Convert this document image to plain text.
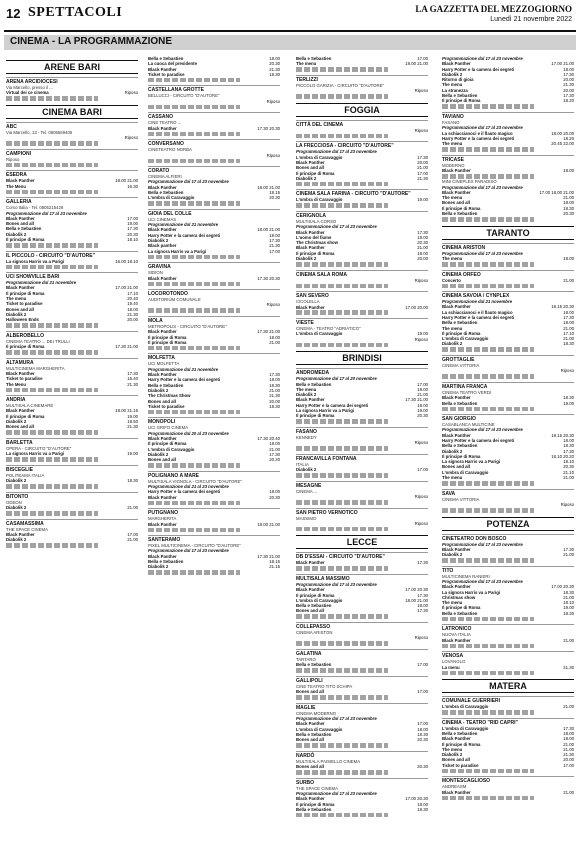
12 SPETTACOLI	LA GAZZETTA DEL MEZZOGIORNO
Lunedì 21 novembre 2022
CINEMA - LA PROGRAMMAZIONE
ARENE BARI
ARENA ARCIDIOCESI
Via Marcello, presso il ...
Virtual dei ce cinema	Riposo
CINEMA BARI
ABC
Via Marcello, 13 - Tel. 0805569405
Riposo
CAMPIONI
Riposo
ESEDRA
Black Panther	18.00 21.00
The Menu	16.30
GALLERIA
Corso Italia - Tel. 0805215429
Programmazione dal 17 al 23 novembre
Black Panther	17.00
Bones and all	19.00
Bella e Sebastien	17.30
Diabolik 2	20.30
Il principe di Roma	18.10
IL PICCOLO - CIRCUITO "D'AUTORE"
La signora Harris va a Parigi	16.00 18.10
UCI SHOWVILLE BARI
Programmazione dal 21 novembre
Black Panther	17.00 21.00
Il principe di Roma	17.10
The menu	20.40
Ticket to paradise	19.40
Bones and all	18.00
Diabolik 2	21.30
Halloween Ends	20.00
ALBEROBELLO
CINEMA TEATRO ... DEI TRULLI
Il principe di Roma	17.30 21.00
ALTAMURA
MULTICINEMA MARGHERITA
Black Panther	17.30
Ticket to paradise	16.40
The Menu	21.30
ANDRIA
MULTISALA CINEMARE
Black Panther	18.00 21.15
Il principe di Roma	19.00
Diabolik 2	18.50
Bones and all	21.30
BARLETTA
OPERA - CIRCUITO "D'AUTORE"
La signora Harris va a Parigi	19.00
BISCEGLIE
POLITEAMA ITALIA
Diabolik 2	18.30
BITONTO
ODEON
Diabolik 2	21.00
CASAMASSIMA
THE SPACE CINEMA
Black Panther	17.00
Diabolik 2	21.00
Bella e Sebastien	18.00
La cuoca del presidente	20.30
Black Panther	21.30
Ticket to paradise	18.30
CASTELLANA GROTTE
BELLUCCI - CIRCUITO "D'AUTORE"
Riposo
CASSANO
CINE TEATRO ...
Black Panther	17.30 20.30
CONVERSANO
CINETEATRO NORBA
Riposo
CORATO
CINEMA ALFIERI
Programmazione dal 17 al 23 novembre
Black Panther	18.00 21.00
Bella e Sebastien	18.15
L'ombra di Caravaggio	20.30
GIOIA DEL COLLE
UCI CINEMAS
Programmazione dal 21 novembre
Black Panther	18.00 21.00
Harry Potter e la camera dei segreti	19.00
Diabolik 2	17.30
Black panther	21.30
La signora Harris va a Parigi	17.00
GRAVINA
SIDION
Black Panther	17.30 20.30
LOCOROTONDO
AUDITORIUM COMUNALE
Riposo
MOLA
METROPOLIS - CIRCUITO "D'AUTORE"
Black Panther	17.30 21.00
Il principe di Roma	18.00
Il principe di Roma	21.00
MOLFETTA
UCI MOLFETTA
Programmazione dal 21 novembre
Black Panther	17.30
Harry Potter e la camera dei segreti	18.00
Bella e Sebastien	18.30
Diabolik 2	21.00
The Christmas Show	21.30
Bones and all	20.00
Ticket to paradise	18.30
MONOPOLI
UCI GRIFO CINEMA
Programmazione dal 20 al 23 novembre
Black Panther	17.30 20.40
Il principe di Roma	18.00
L'ombra di Caravaggio	21.00
Diabolik 2	17.30
Bones and all	20.20
POLIGNANO A MARE
MULTISALA VIGNOLA - CIRCUITO "D'AUTORE"
Programmazione dal 21 al 23 novembre
Harry Potter e la camera dei segreti	18.00
Black Panther	20.30
PUTIGNANO
MARGHERITA
Black Panther	18.00 21.00
SANTERAMO
PIXEL MULTICINEMA - CIRCUITO "D'AUTORE"
Programmazione dal 17 al 23 novembre
Black Panther	17.30 21.00
Bella e Sebastien	18.15
Diabolik 2	21.15
Bella e Sebastien	17.00
The menu	19.00 21.00
TERLIZZI
PICCOLO GARIZIA - CIRCUITO "D'AUTORE"
Riposo
FOGGIA
CITTÀ DEL CINEMA
Riposo
LA FRECCIOSA - CIRCUITO "D'AUTORE"
Programmazione dal 17 al 23 novembre
L'ombra di Caravaggio	17.30
Black Panther	20.00
Bones and all	21.00
Il principe di Roma	17.00
Diabolik 2	21.30
CINEMA SALA FARINA - CIRCUITO "D'AUTORE"
L'ombra di Caravaggio	19.00
CERIGNOLA
MULTISALA CORSO
Programmazione dal 17 al 23 novembre
Black Panther	17.30
L'uomo del fiume	19.00
The Christmas show	20.30
Black Panther	21.00
Il principe di Roma	18.00
Diabolik 2	20.00
CINEMA SALA ROMA
Riposo
SAN SEVERO
CICOLELLA
Black Panther	17.00 20.00
VIESTE
CINEMA - TEATRO "ADRIATICO"
L'ombra di Caravaggio	19.00
Riposo
BRINDISI
ANDROMEDA
Programmazione dal 17 al 20 novembre
Bella e Sebastien	17.00
The menu	19.00
Diabolik 2	21.00
Black Panther	17.30 21.00
Harry Potter e la camera dei segreti	18.00
La signora Harris va a Parigi	19.00
Il principe di Roma	20.30
FASANO
KENNEDY
Riposo
FRANCAVILLA FONTANA
ITALIA
Diabolik 2	17.00
MESAGNE
CINEMA ...
Riposo
SAN PIETRO VERNOTICO
MASSIMO
Riposo
LECCE
DB D'ESSAI - CIRCUITO "D'AUTORE"
Black Panther	17.30
MULTISALA MASSIMO
Programmazione dal 17 al 23 novembre
Black Panther	17.00 20.30
Il principe di Roma	17.30
L'ombra di Caravaggio	18.00 21.00
Bella e Sebastien	18.00
Bones and all	17.30
COLLEPASSO
CINEMA ARISTON
Riposo
GALATINA
TARTARO
Bella e Sebastien	17.00
GALLIPOLI
CINE TEATRO TITO SCHIPA
Bones and all	17.00
MAGLIE
CINEMA MODERNO
Programmazione dal 17 al 23 novembre
Black Panther	17.00
L'ombra di Caravaggio	18.00
Bella e Sebastien	18.30
Bones and all	20.30
NARDÒ
MULTISALA PAISIELLO CINEMA
Bones and all	20.30
SURBO
THE SPACE CINEMA
Programmazione dal 17 al 23 novembre
Black Panther	17.00 20.30
Il principe di Roma	18.00
Bella e Sebastien	18.30
Programmazione dal 17 al 23 novembre
Black Panther	17.00 21.00
Harry Potter e la camera dei segreti	18.00
Diabolik 2	17.30
Ritorno di gioia	20.00
The menu	21.30
La stranezza	20.00
Bella e Sebastien	17.30
Il principe di Roma	18.20
TAVIANO
FASANO
Programmazione dal 17 al 23 novembre
La schiaccianoci e il flauto magico	18.00 20.00
Harry Potter e la camera dei segreti	18.20
The menu	20.45 22.00
TRICASE
MODERNO
Black Panther	18.00
MINI CINEPLEX PARADISO
Programmazione dal 17 al 23 novembre
Black Panther	17.00 18.00 21.00
The menu	21.00
Bones and all	18.00
Il principe di Roma	18.30
Bella e Sebastien	20.30
TARANTO
CINEMA ARISTON
Programmazione dal 17 al 23 novembre
The menu	18.00
CINEMA ORFEO
Concerto	21.00
CINEMA SAVOIA / CYNPLEX
Programmazione dal 21 novembre
Black Panther	18.15 20.30
La schiaccianoci e il flauto magico	18.00
Harry Potter e la camera dei segreti	17.30
Bella e Sebastien	18.00
The menu	21.00
Il principe di Roma	17.10
L'ombra di Caravaggio	21.00
Diabolik 2	18.30
GROTTAGLIE
CINEMA VITTORIA
Riposo
MARTINA FRANCA
CINEMA TEATRO VERDI
Black Panther	18.30
Bella e Sebastien	19.00
SAN GIORGIO
CASABLANCA MULTICINE
Programmazione dal 17 al 23 novembre
Black Panther	18.15 20.30
Harry Potter e la camera dei segreti	18.00
Bella e Sebastien	18.30
Diabolik 2	17.30
Il principe di Roma	18.10 20.20
La signora Harris va a Parigi	18.10
Bones and all	20.30
L'ombra di Caravaggio	21.10
The menu	21.00
SAVA
CINEMA VITTORIA
Riposo
POTENZA
CINETEATRO DON BOSCO
Programmazione dal 17 al 23 novembre
Black Panther	17.30
Diabolik 2	21.00
TITO
MULTICINEMA RANIERI
Programmazione dal 17 al 23 novembre
Black Panther	17.00 20.30
La signora Harris va a Parigi	18.30
Christmas show	21.00
The menu	18.10
Il principe di Roma	19.00
Bella e Sebastien	18.30
LATRONICO
NUOVA ITALIA
Black Panther	21.00
VENOSA
LOVANGLO
La menu	21.30
MATERA
COMUNALE GUERRIERI
L'ombra di Caravaggio	21.00
CINEMA - TEATRO "RID CAPRI"
L'ombra di Caravaggio	17.30
Bella e Sebastien	18.00
Black Panther	18.00
Il principe di Roma	21.00
The menu	21.00
Diabolik 2	21.30
Bones and all	20.00
Ticket to paradise	17.00
MONTESCAGLIOSO
ANDREASM
Black Panther	21.00
